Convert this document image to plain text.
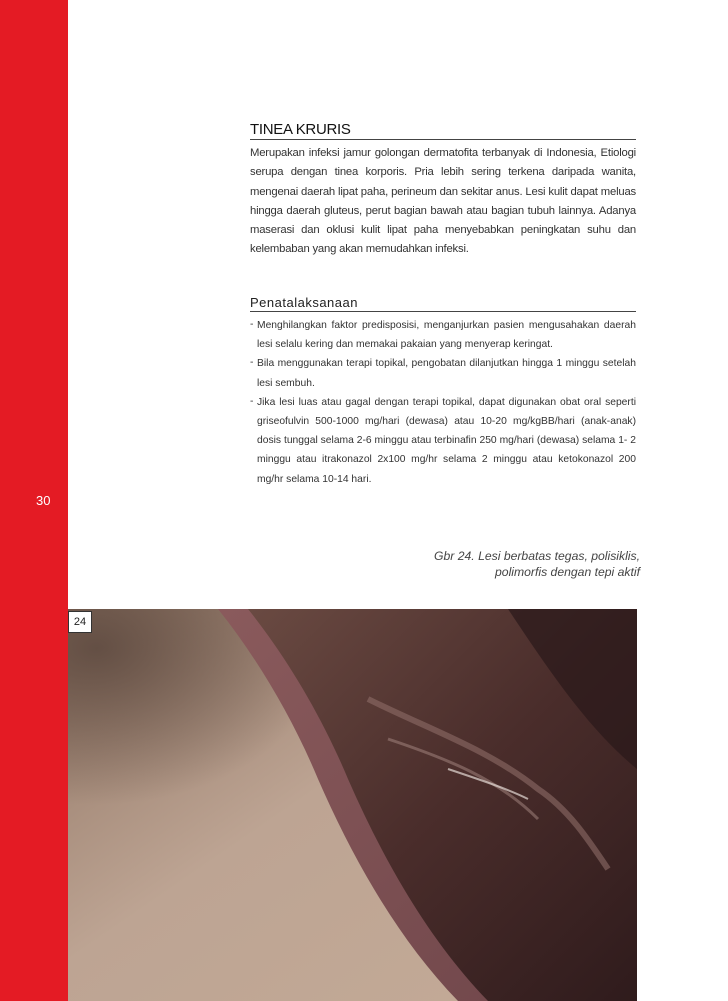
30
TINEA KRURIS

Merupakan infeksi jamur golongan dermatofita terbanyak di Indonesia, Etiologi serupa dengan tinea korporis. Pria lebih sering terkena daripada wanita, mengenai daerah lipat paha, perineum dan sekitar anus. Lesi kulit dapat meluas hingga daerah gluteus, perut bagian bawah atau bagian tubuh lainnya. Adanya maserasi dan oklusi kulit lipat paha menyebabkan peningkatan suhu dan kelembaban yang akan memudahkan infeksi.

Penatalaksanaan
- Menghilangkan faktor predisposisi, menganjurkan pasien mengusahakan daerah lesi selalu kering dan memakai pakaian yang menyerap keringat.
- Bila menggunakan terapi topikal, pengobatan dilanjutkan hingga 1 minggu setelah lesi sembuh.
- Jika lesi luas atau gagal dengan terapi topikal, dapat digunakan obat oral seperti griseofulvin 500-1000 mg/hari (dewasa) atau 10-20 mg/kgBB/hari (anak-anak) dosis tunggal selama 2-6 minggu atau terbinafin 250 mg/hari (dewasa) selama 1- 2 minggu atau itrakonazol 2x100 mg/hr selama 2 minggu atau ketokonazol 200 mg/hr selama 10-14 hari.
Gbr 24. Lesi berbatas tegas, polisiklis, polimorfis dengan tepi aktif
24
